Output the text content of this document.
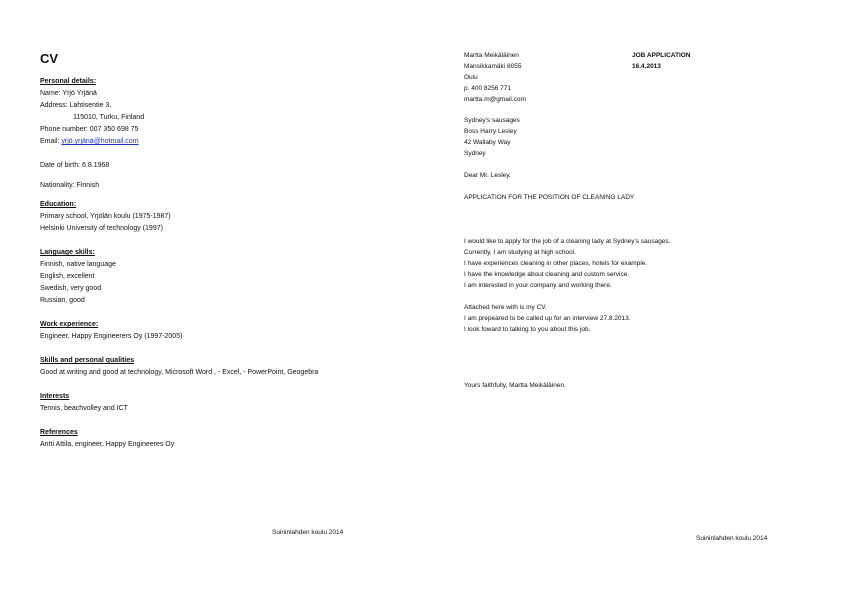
CV
Personal details:
Name: Yrjö Yrjänä
Address: Lahtisentie 3,
115010, Turku, Finland
Phone number: 007 350 698 75
Email: yrjö.yrjänä@hotmail.com
Date of birth: 6.8.1968
Nationality: Finnish
Education:
Primary school, Yrjölän koulu (1975-1987)
Helsinki University of technology (1997)
Language skills:
Finnish, native language
English, excellent
Swedish, very good
Russian, good
Work experience:
Engineer, Happy Engineerers Oy (1997-2005)
Skills and personal qualities
Good at writing and good at technology, Microsoft Word , - Excel, - PowerPoint, Geogebra
Interests
Tennis, beachvolley and ICT
References
Antti Attila, engineer, Happy Engineeres Oy
Suininlahden koulu 2014
Martta Meikäläinen
Mansikkamäki 8055
Oulu
p. 400 8256 771
martta.m@gmail.com
JOB APPLICATION
16.4.2013
Sydney's sausages
Boss Harry Lesley
42 Wallaby Way
Sydney
Dear Mr. Lesley,
APPLICATION FOR THE POSITION OF CLEANING LADY
I would like to apply for the job of a cleaning lady at Sydney's sausages.
Currently, I am studying at high school.
I have experiences cleaning in other places, hotels for example.
I have the knowledge about cleaning and custom service.
I am interested in your company and working there.
Attached here with is my CV.
I am prepeared to be called up for an interview 27.8.2013.
I look foward to talking to you about this job.
Yours faithfully, Martta Meikäläinen.
Suininlahden koulu 2014
